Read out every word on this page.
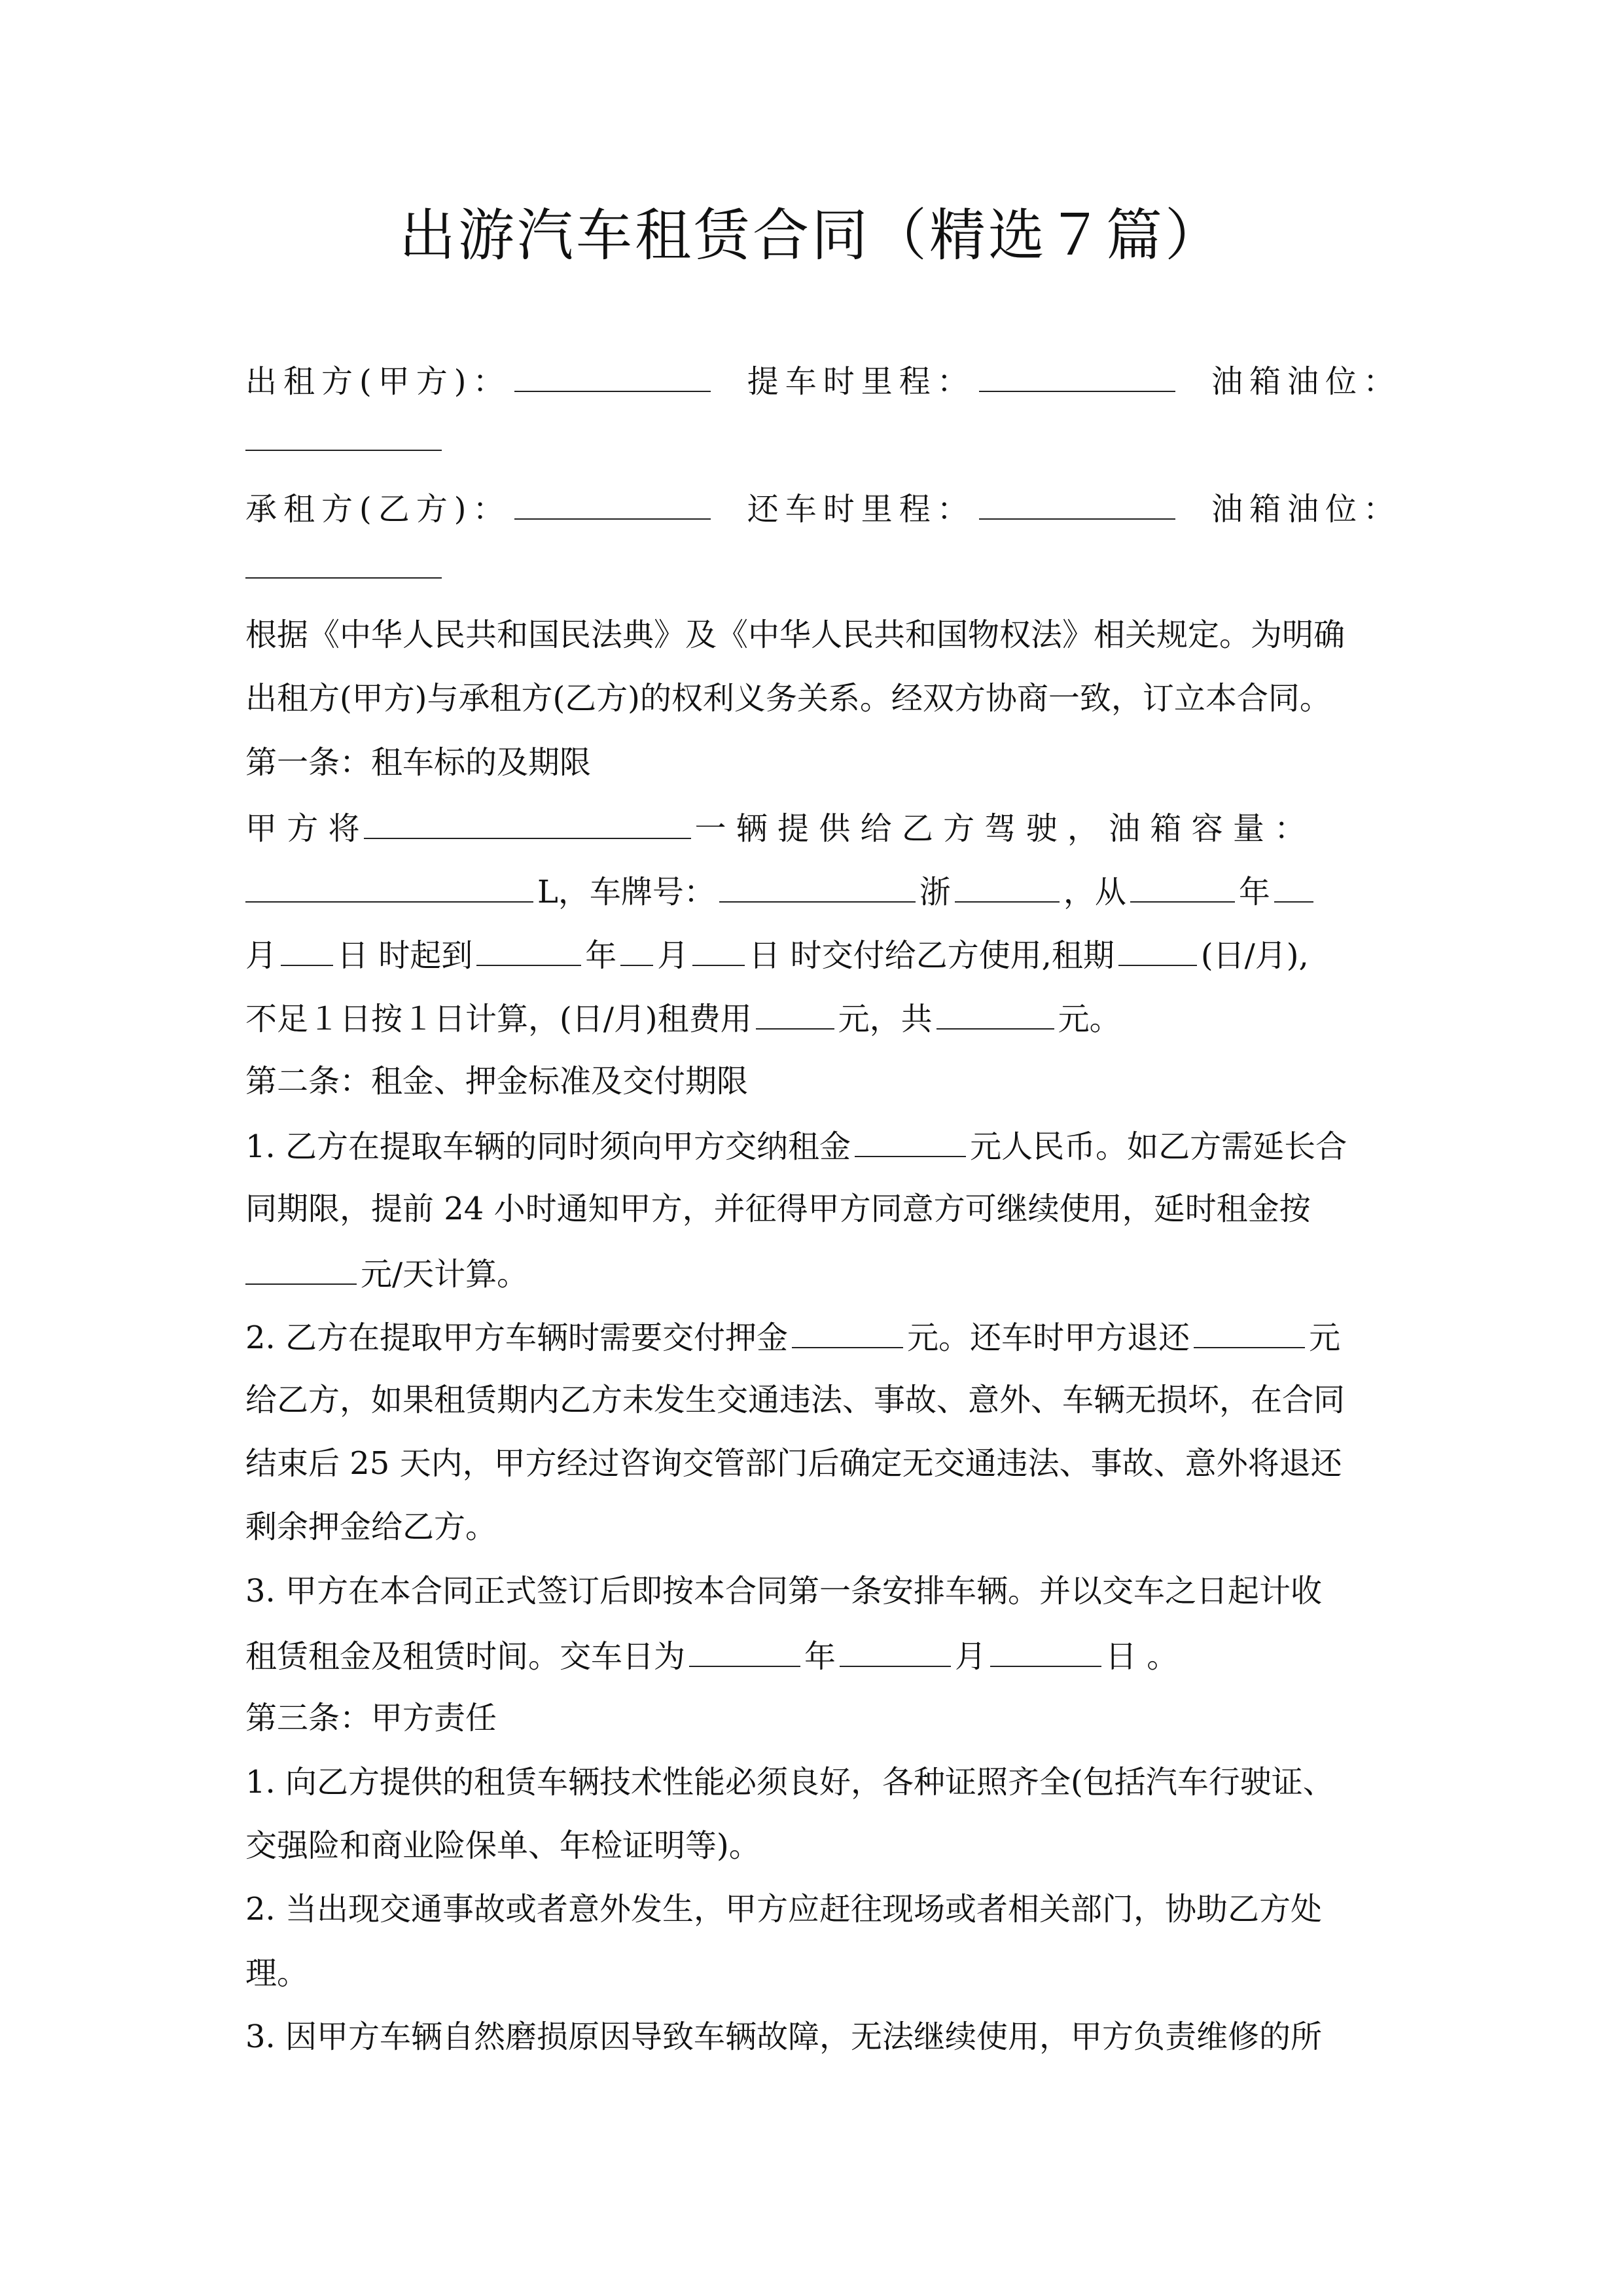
出游汽车租赁合同（精选７篇）
出租方(甲方)：	提车时里程：	油箱油位：
承租方(乙方)：	还车时里程：	油箱油位：
根据《中华人民共和国民法典》及《中华人民共和国物权法》相关规定。为明确
出租方(甲方)与承租方(乙方)的权利义务关系。经双方协商一致，订立本合同。
第一条：租车标的及期限
甲 方 将	一 辆 提 供 给 乙 方 驾 驶 ， 油 箱 容 量 ：
L，车牌号：	浙	，从	年
月 日 时起到	年 月 日 时交付给乙方使用,租期	(日/月),
不足１日按１日计算，(日/月)租费用	元，共	元。
第二条：租金、押金标准及交付期限
1. 乙方在提取车辆的同时须向甲方交纳租金	元人民币。如乙方需延长合
同期限，提前 24 小时通知甲方，并征得甲方同意方可继续使用，延时租金按
元/天计算。
2. 乙方在提取甲方车辆时需要交付押金	元。还车时甲方退还	元
给乙方，如果租赁期内乙方未发生交通违法、事故、意外、车辆无损坏，在合同
结束后 25 天内，甲方经过咨询交管部门后确定无交通违法、事故、意外将退还
剩余押金给乙方。
3. 甲方在本合同正式签订后即按本合同第一条安排车辆。并以交车之日起计收
租赁租金及租赁时间。交车日为	年	月	日 。
第三条：甲方责任
1. 向乙方提供的租赁车辆技术性能必须良好，各种证照齐全(包括汽车行驶证、
交强险和商业险保单、年检证明等)。
2. 当出现交通事故或者意外发生，甲方应赶往现场或者相关部门，协助乙方处
理。
3. 因甲方车辆自然磨损原因导致车辆故障，无法继续使用，甲方负责维修的所
